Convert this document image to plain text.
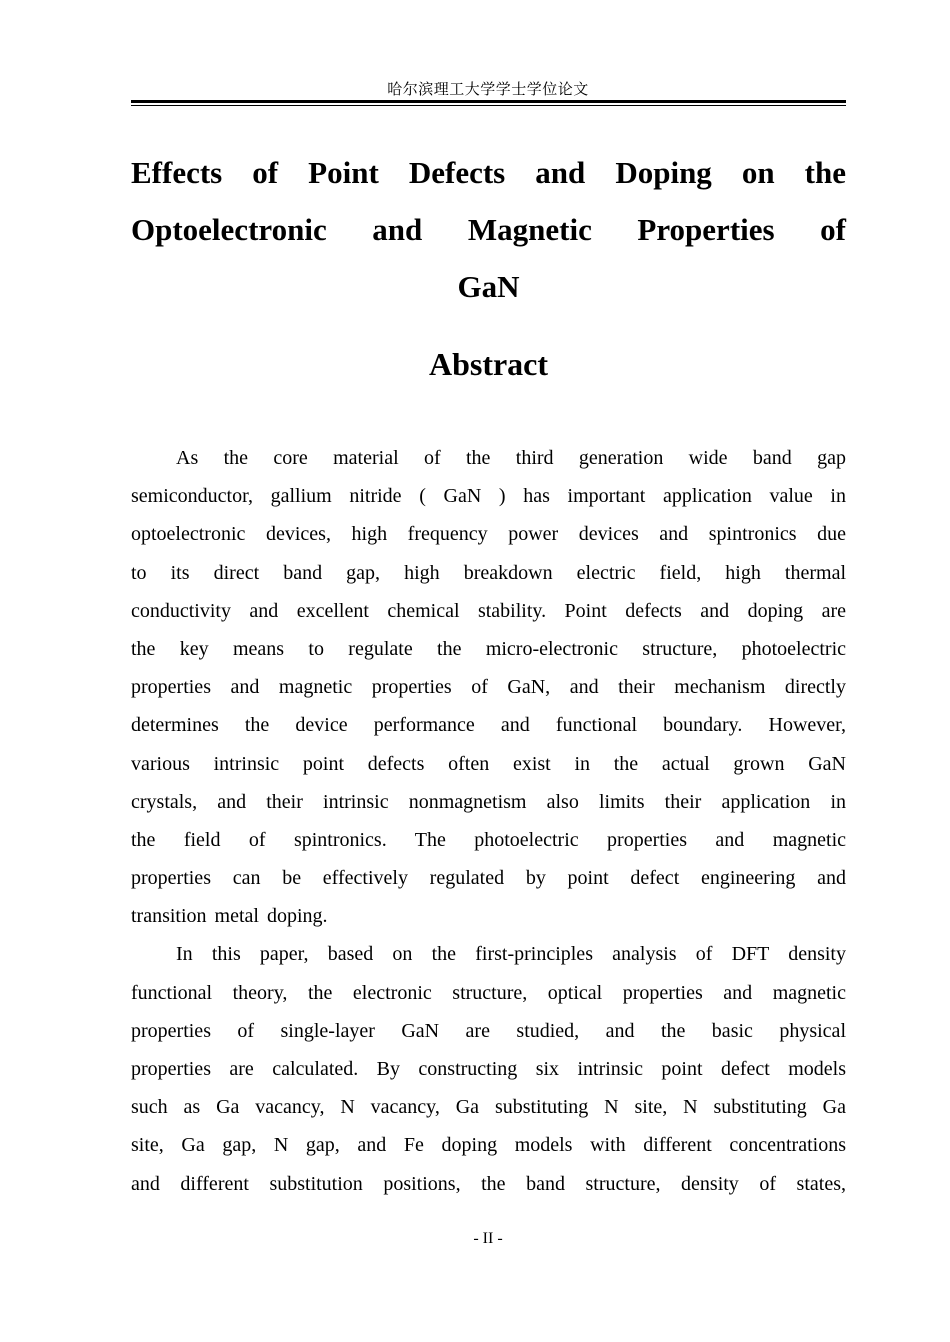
哈尔滨理工大学学士学位论文
Effects of Point Defects and Doping on the
Optoelectronic and Magnetic Properties of
GaN
Abstract
As the core material of the third generation wide band gap
semiconductor, gallium nitride ( GaN ) has important application value in
optoelectronic devices, high frequency power devices and spintronics due
to its direct band gap, high breakdown electric field, high thermal
conductivity and excellent chemical stability. Point defects and doping are
the key means to regulate the micro-electronic structure, photoelectric
properties and magnetic properties of GaN, and their mechanism directly
determines the device performance and functional boundary. However,
various intrinsic point defects often exist in the actual grown GaN
crystals, and their intrinsic nonmagnetism also limits their application in
the field of spintronics. The photoelectric properties and magnetic
properties can be effectively regulated by point defect engineering and
transition metal doping.
In this paper, based on the first-principles analysis of DFT density
functional theory, the electronic structure, optical properties and magnetic
properties of single-layer GaN are studied, and the basic physical
properties are calculated. By constructing six intrinsic point defect models
such as Ga vacancy, N vacancy, Ga substituting N site, N substituting Ga
site, Ga gap, N gap, and Fe doping models with different concentrations
and different substitution positions, the band structure, density of states,
- II -
